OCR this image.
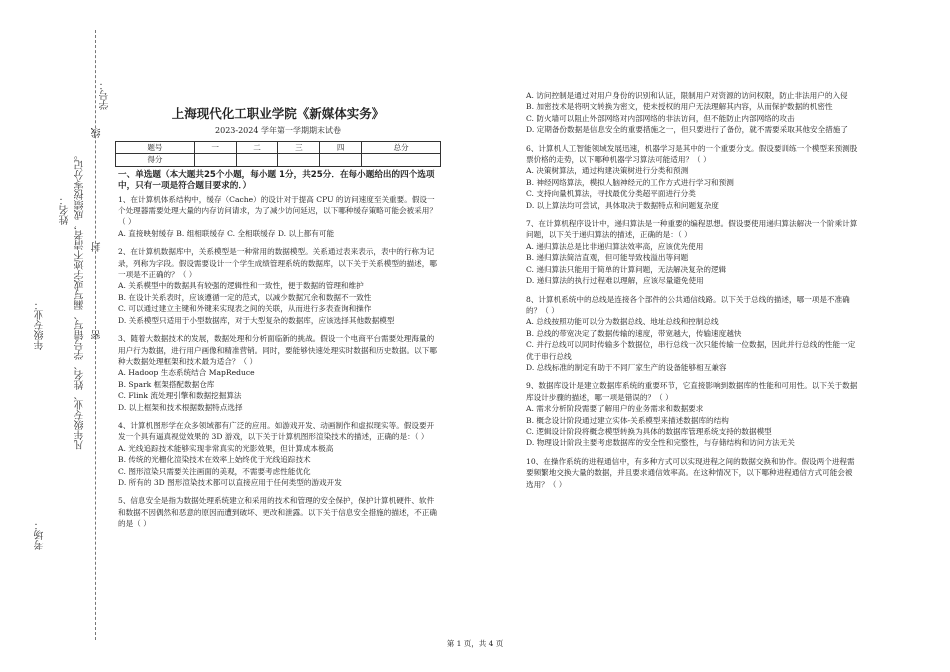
学号：
姓名：
密
封
线
年级专业：
考场：
凡年级专业、姓名、学号错写、漏写或字迹不清者，成绩按零分记。
上海现代化工职业学院《新媒体实务》
2023-2024 学年第一学期期末试卷
题号	一	二	三	四	总分
得分					
一、单选题（本大题共25个小题，每小题 1分，共25分．在每小题给出的四个选项中，只有一项是符合题目要求的．）

1、在计算机体系结构中，缓存（Cache）的设计对于提高 CPU 的访问速度至关重要。假设一个处理器需要处理大量的内存访问请求，为了减少访问延迟，以下哪种缓存策略可能会被采用？（ ）

A. 直接映射缓存 B. 组相联缓存 C. 全相联缓存 D. 以上都有可能

2、在计算机数据库中，关系模型是一种常用的数据模型。关系通过表来表示，表中的行称为记录，列称为字段。假设需要设计一个学生成绩管理系统的数据库，以下关于关系模型的描述，哪一项是不正确的？（ ）

A. 关系模型中的数据具有较强的逻辑性和一致性，便于数据的管理和维护

B. 在设计关系表时，应该遵循一定的范式，以减少数据冗余和数据不一致性

C. 可以通过建立主键和外键来实现表之间的关联，从而进行多表查询和操作

D. 关系模型只适用于小型数据库，对于大型复杂的数据库，应该选择其他数据模型

3、随着大数据技术的发展，数据处理和分析面临新的挑战。假设一个电商平台需要处理海量的用户行为数据，进行用户画像和精准营销。同时，要能够快速处理实时数据和历史数据。以下哪种大数据处理框架和技术最为适合？（ ）

A. Hadoop 生态系统结合 MapReduce

B. Spark 框架搭配数据仓库

C. Flink 流处理引擎和数据挖掘算法

D. 以上框架和技术根据数据特点选择

4、计算机图形学在众多领域都有广泛的应用。如游戏开发、动画制作和虚拟现实等。假设要开发一个具有逼真视觉效果的 3D 游戏，以下关于计算机图形渲染技术的描述，正确的是：（ ）

A. 光线追踪技术能够实现非常真实的光影效果，但计算成本极高

B. 传统的光栅化渲染技术在效率上始终优于光线追踪技术

C. 图形渲染只需要关注画面的美观，不需要考虑性能优化

D. 所有的 3D 图形渲染技术都可以直接应用于任何类型的游戏开发

5、信息安全是指为数据处理系统建立和采用的技术和管理的安全保护，保护计算机硬件、软件和数据不因偶然和恶意的原因而遭到破坏、更改和泄露。以下关于信息安全措施的描述，不正确的是（ ）

A. 访问控制是通过对用户身份的识别和认证，限制用户对资源的访问权限，防止非法用户的入侵

B. 加密技术是将明文转换为密文，使未授权的用户无法理解其内容，从而保护数据的机密性

C. 防火墙可以阻止外部网络对内部网络的非法访问，但不能防止内部网络的攻击

D. 定期备份数据是信息安全的重要措施之一，但只要进行了备份，就不需要采取其他安全措施了

6、计算机人工智能领域发展迅速，机器学习是其中的一个重要分支。假设要训练一个模型来预测股票价格的走势，以下哪种机器学习算法可能适用？（ ）

A. 决策树算法，通过构建决策树进行分类和预测

B. 神经网络算法，模拟人脑神经元的工作方式进行学习和预测

C. 支持向量机算法，寻找最优分类超平面进行分类

D. 以上算法均可尝试，具体取决于数据特点和问题复杂度

7、在计算机程序设计中，递归算法是一种重要的编程思想。假设要使用递归算法解决一个阶乘计算问题，以下关于递归算法的描述，正确的是：（ ）

A. 递归算法总是比非递归算法效率高，应该优先使用

B. 递归算法简洁直观，但可能导致栈溢出等问题

C. 递归算法只能用于简单的计算问题，无法解决复杂的逻辑

D. 递归算法的执行过程难以理解，应该尽量避免使用

8、计算机系统中的总线是连接各个部件的公共通信线路。以下关于总线的描述，哪一项是不准确的？（ ）

A. 总线按照功能可以分为数据总线、地址总线和控制总线

B. 总线的带宽决定了数据传输的速度，带宽越大，传输速度越快

C. 并行总线可以同时传输多个数据位，串行总线一次只能传输一位数据，因此并行总线的性能一定优于串行总线

D. 总线标准的制定有助于不同厂家生产的设备能够相互兼容

9、数据库设计是建立数据库系统的重要环节，它直接影响到数据库的性能和可用性。以下关于数据库设计步骤的描述，哪一项是错误的？（ ）

A. 需求分析阶段需要了解用户的业务需求和数据要求

B. 概念设计阶段通过建立实体-关系模型来描述数据库的结构

C. 逻辑设计阶段将概念模型转换为具体的数据库管理系统支持的数据模型

D. 物理设计阶段主要考虑数据库的安全性和完整性，与存储结构和访问方法无关

10、在操作系统的进程通信中，有多种方式可以实现进程之间的数据交换和协作。假设两个进程需要频繁地交换大量的数据，并且要求通信效率高。在这种情况下，以下哪种进程通信方式可能会被选用？（ ）

第 1 页，共 4 页
